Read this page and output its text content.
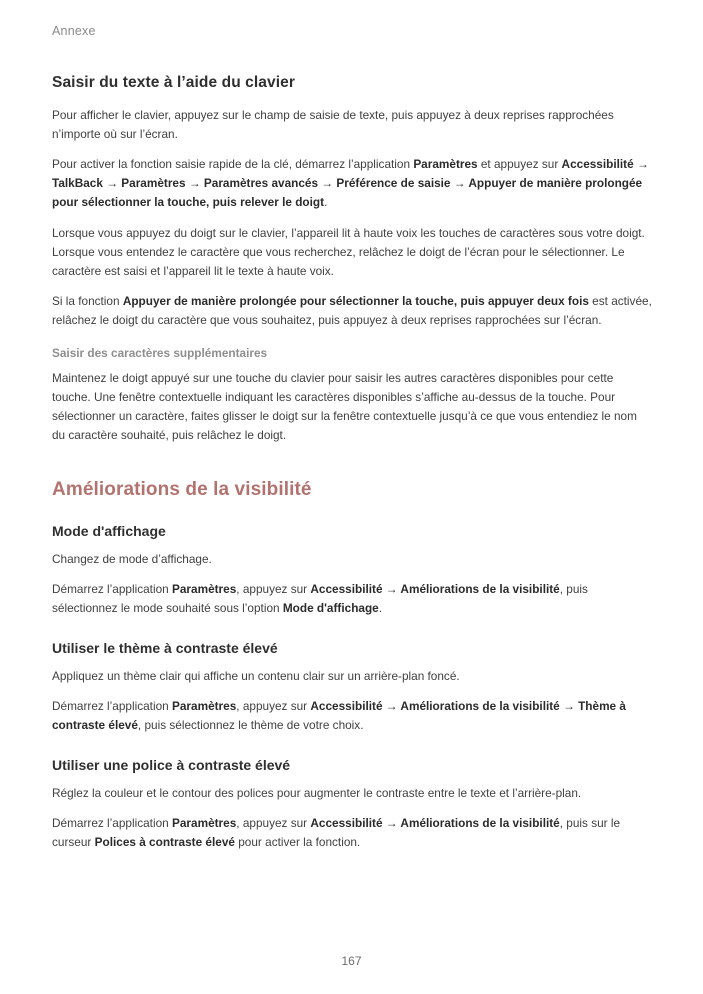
Annexe
Saisir du texte à l’aide du clavier

Pour afficher le clavier, appuyez sur le champ de saisie de texte, puis appuyez à deux reprises rapprochées n’importe où sur l’écran.

Pour activer la fonction saisie rapide de la clé, démarrez l’application Paramètres et appuyez sur Accessibilité → TalkBack → Paramètres → Paramètres avancés → Préférence de saisie → Appuyer de manière prolongée pour sélectionner la touche, puis relever le doigt.

Lorsque vous appuyez du doigt sur le clavier, l’appareil lit à haute voix les touches de caractères sous votre doigt. Lorsque vous entendez le caractère que vous recherchez, relâchez le doigt de l’écran pour le sélectionner. Le caractère est saisi et l’appareil lit le texte à haute voix.

Si la fonction Appuyer de manière prolongée pour sélectionner la touche, puis appuyer deux fois est activée, relâchez le doigt du caractère que vous souhaitez, puis appuyez à deux reprises rapprochées sur l’écran.

Saisir des caractères supplémentaires

Maintenez le doigt appuyé sur une touche du clavier pour saisir les autres caractères disponibles pour cette touche. Une fenêtre contextuelle indiquant les caractères disponibles s’affiche au-dessus de la touche. Pour sélectionner un caractère, faites glisser le doigt sur la fenêtre contextuelle jusqu’à ce que vous entendiez le nom du caractère souhaité, puis relâchez le doigt.

Améliorations de la visibilité
Mode d'affichage

Changez de mode d’affichage.

Démarrez l’application Paramètres, appuyez sur Accessibilité → Améliorations de la visibilité, puis sélectionnez le mode souhaité sous l’option Mode d'affichage.

Utiliser le thème à contraste élevé

Appliquez un thème clair qui affiche un contenu clair sur un arrière-plan foncé.

Démarrez l’application Paramètres, appuyez sur Accessibilité → Améliorations de la visibilité → Thème à contraste élevé, puis sélectionnez le thème de votre choix.

Utiliser une police à contraste élevé

Réglez la couleur et le contour des polices pour augmenter le contraste entre le texte et l’arrière-plan.

Démarrez l’application Paramètres, appuyez sur Accessibilité → Améliorations de la visibilité, puis sur le curseur Polices à contraste élevé pour activer la fonction.

167
